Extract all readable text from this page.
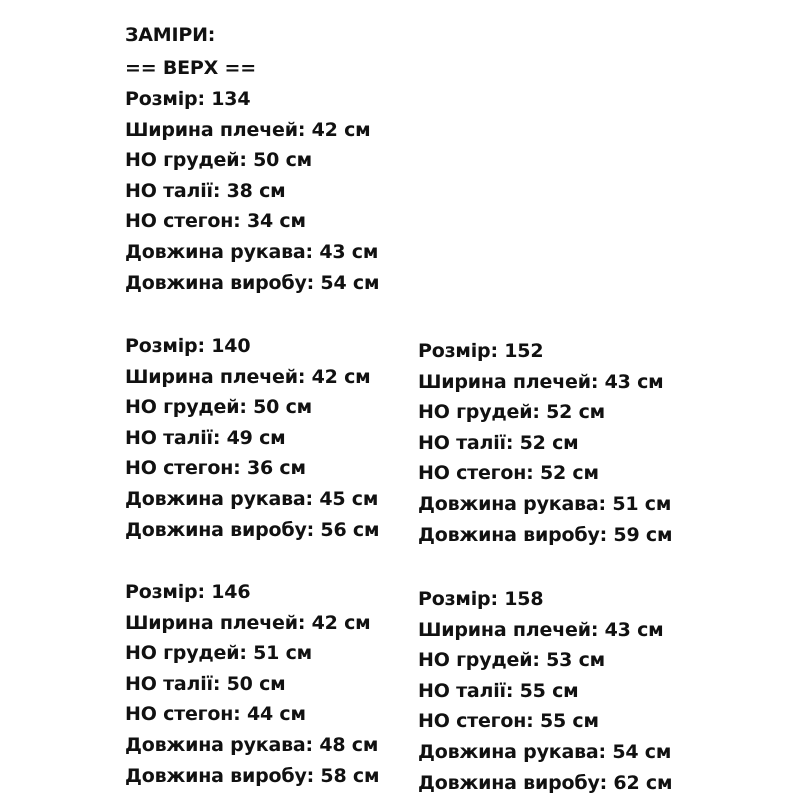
ЗАМІРИ:
== ВЕРХ ==
Розмір: 134
Ширина плечей: 42 см
НО грудей: 50 см
НО талії: 38 см
НО стегон: 34 см
Довжина рукава: 43 см
Довжина виробу: 54 см
Розмір: 140
Ширина плечей: 42 см
НО грудей: 50 см
НО талії: 49 см
НО стегон: 36 см
Довжина рукава: 45 см
Довжина виробу: 56 см
Розмір: 146
Ширина плечей: 42 см
НО грудей: 51 см
НО талії: 50 см
НО стегон: 44 см
Довжина рукава: 48 см
Довжина виробу: 58 см
Розмір: 152
Ширина плечей: 43 см
НО грудей: 52 см
НО талії: 52 см
НО стегон: 52 см
Довжина рукава: 51 см
Довжина виробу: 59 см
Розмір: 158
Ширина плечей: 43 см
НО грудей: 53 см
НО талії: 55 см
НО стегон: 55 см
Довжина рукава: 54 см
Довжина виробу: 62 см
